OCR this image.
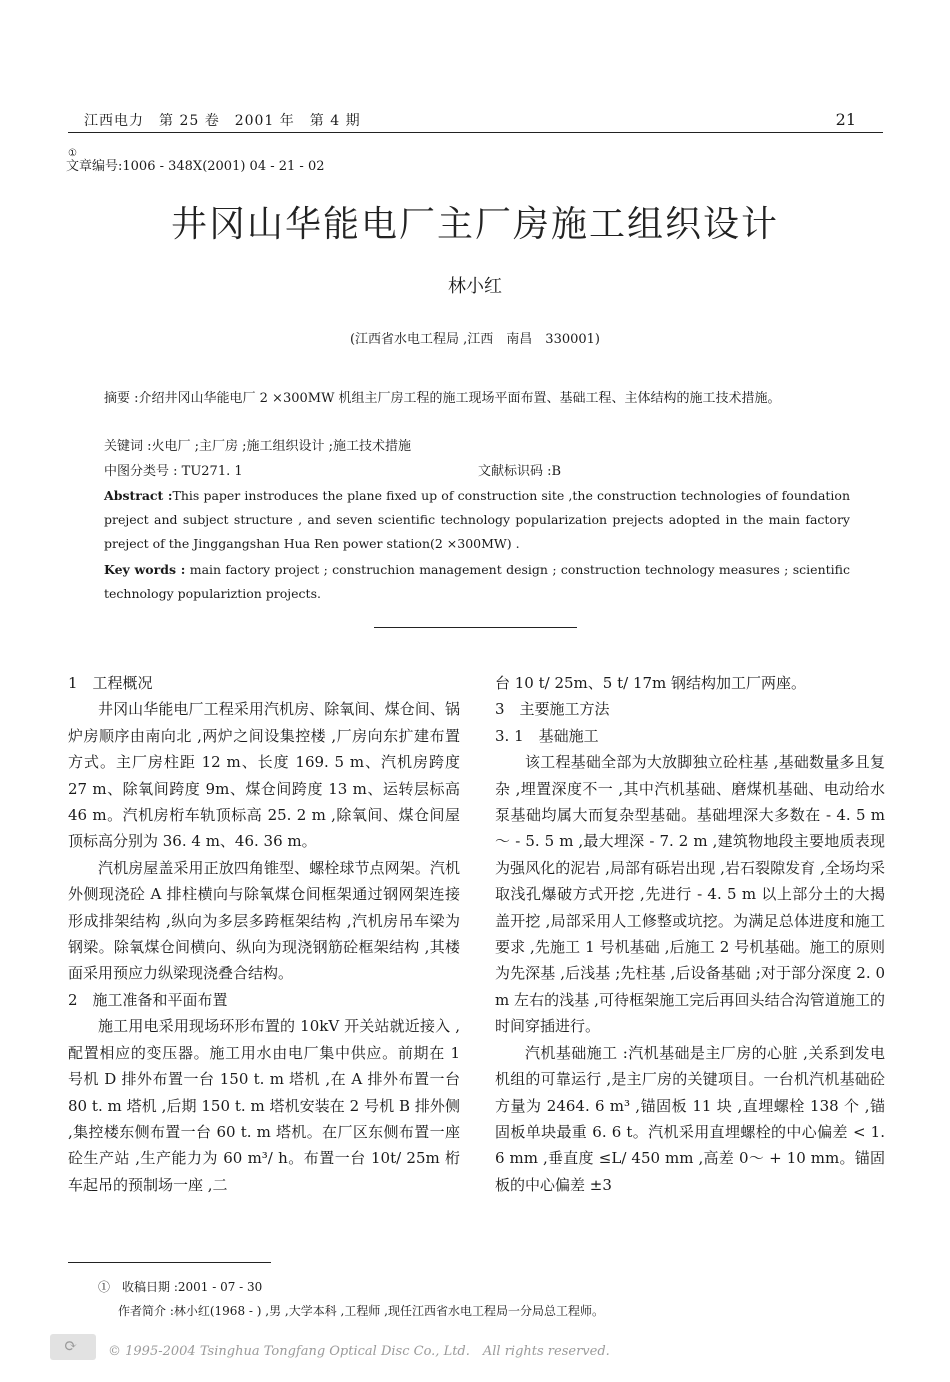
江西电力　第 25 卷　2001 年　第 4 期	21
①
文章编号:1006 - 348X(2001) 04 - 21 - 02
井冈山华能电厂主厂房施工组织设计
林小红
(江西省水电工程局 ,江西　南昌　330001)
摘要 :介绍井冈山华能电厂 2 ×300MW 机组主厂房工程的施工现场平面布置、基础工程、主体结构的施工技术措施。
关键词 :火电厂 ;主厂房 ;施工组织设计 ;施工技术措施
中图分类号 : TU271. 1	文献标识码 :B
Abstract :This paper instroduces the plane fixed up of construction site ,the construction technologies of foundation preject and subject structure , and seven scientific technology popularization prejects adopted in the main factory preject of the Jinggangshan Hua Ren power station(2 ×300MW) .
Key words : main factory project ; construchion management design ; construction technology measures ; scientific technology populariztion projects.

1　工程概况

井冈山华能电厂工程采用汽机房、除氧间、煤仓间、锅炉房顺序由南向北 ,两炉之间设集控楼 ,厂房向东扩建布置方式。主厂房柱距 12 m、长度 169. 5 m、汽机房跨度 27 m、除氧间跨度 9m、煤仓间跨度 13 m、运转层标高 46 m。汽机房桁车轨顶标高 25. 2 m ,除氧间、煤仓间屋顶标高分别为 36. 4 m、46. 36 m。

汽机房屋盖采用正放四角锥型、螺栓球节点网架。汽机外侧现浇砼 A 排柱横向与除氧煤仓间框架通过钢网架连接形成排架结构 ,纵向为多层多跨框架结构 ,汽机房吊车梁为钢梁。除氧煤仓间横向、纵向为现浇钢筋砼框架结构 ,其楼面采用预应力纵梁现浇叠合结构。

2　施工准备和平面布置

施工用电采用现场环形布置的 10kV 开关站就近接入 ,配置相应的变压器。施工用水由电厂集中供应。前期在 1 号机 D 排外布置一台 150 t. m 塔机 ,在 A 排外布置一台 80 t. m 塔机 ,后期 150 t. m 塔机安装在 2 号机 B 排外侧 ,集控楼东侧布置一台 60 t. m 塔机。在厂区东侧布置一座砼生产站 ,生产能力为 60 m³/ h。布置一台 10t/ 25m 桁车起吊的预制场一座 ,二

台 10 t/ 25m、5 t/ 17m 钢结构加工厂两座。

3　主要施工方法

3. 1　基础施工

该工程基础全部为大放脚独立砼柱基 ,基础数量多且复杂 ,埋置深度不一 ,其中汽机基础、磨煤机基础、电动给水泵基础均属大而复杂型基础。基础埋深大多数在 - 4. 5 m～ - 5. 5 m ,最大埋深 - 7. 2 m ,建筑物地段主要地质表现为强风化的泥岩 ,局部有砾岩出现 ,岩石裂隙发育 ,全场均采取浅孔爆破方式开挖 ,先进行 - 4. 5 m 以上部分土的大揭盖开挖 ,局部采用人工修整或坑挖。为满足总体进度和施工要求 ,先施工 1 号机基础 ,后施工 2 号机基础。施工的原则为先深基 ,后浅基 ;先柱基 ,后设备基础 ;对于部分深度 2. 0 m 左右的浅基 ,可待框架施工完后再回头结合沟管道施工的时间穿插进行。

汽机基础施工 :汽机基础是主厂房的心脏 ,关系到发电机组的可靠运行 ,是主厂房的关键项目。一台机汽机基础砼方量为 2464. 6 m³ ,锚固板 11 块 ,直埋螺栓 138 个 ,锚固板单块最重 6. 6 t。汽机采用直埋螺栓的中心偏差 < 1. 6 mm ,垂直度 ≤L/ 450 mm ,高差 0～ + 10 mm。锚固板的中心偏差 ±3

①　收稿日期 :2001 - 07 - 30
作者简介 :林小红(1968 - ) ,男 ,大学本科 ,工程师 ,现任江西省水电工程局一分局总工程师。
⟳ © 1995-2004 Tsinghua Tongfang Optical Disc Co., Ltd.　All rights reserved.
